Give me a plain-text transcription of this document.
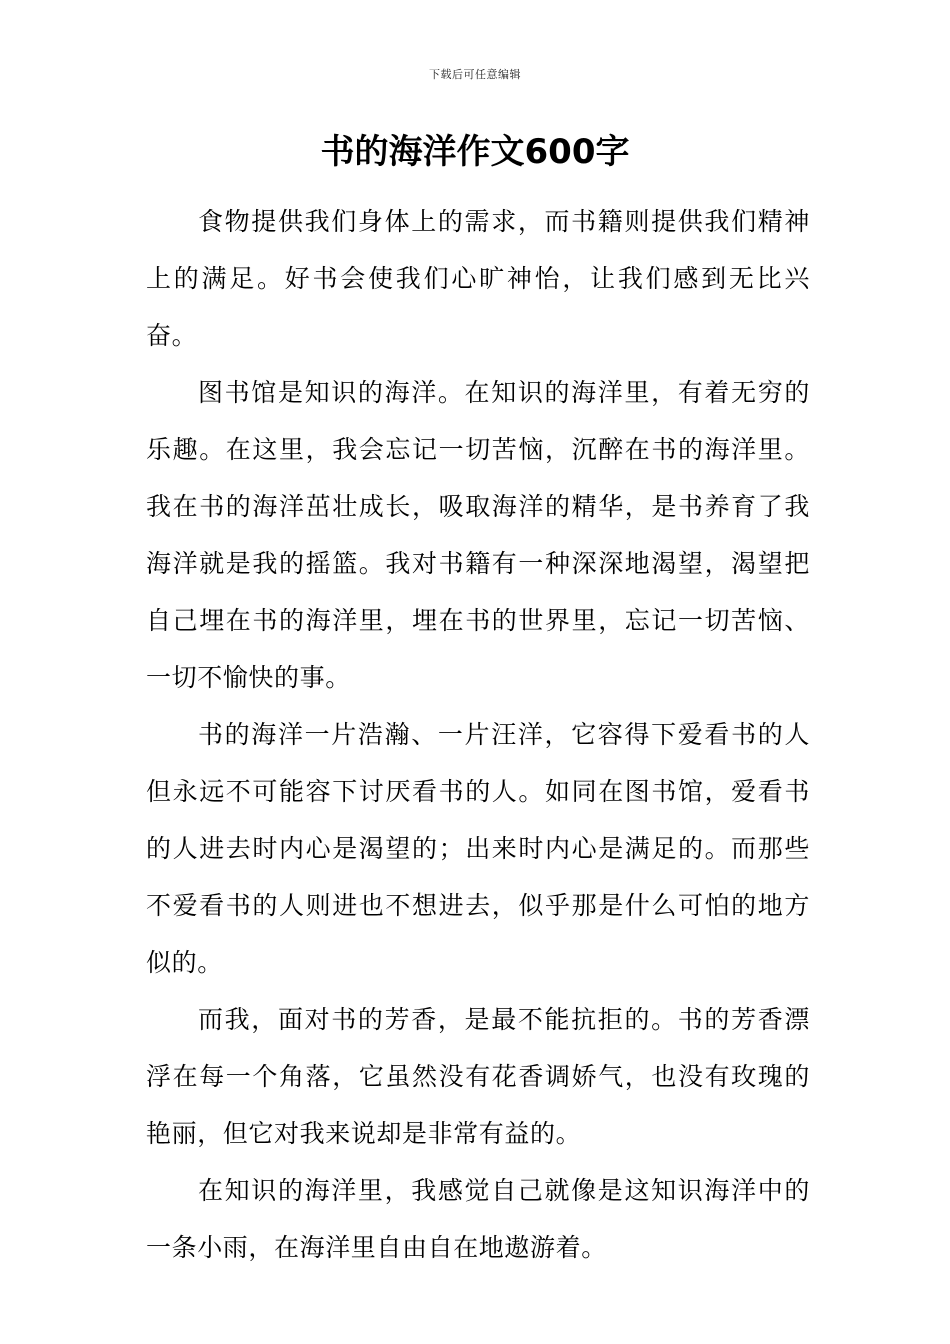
下载后可任意编辑
书的海洋作文600字

食物提供我们身体上的需求，而书籍则提供我们精神上的满足。好书会使我们心旷神怡，让我们感到无比兴奋。

图书馆是知识的海洋。在知识的海洋里，有着无穷的乐趣。在这里，我会忘记一切苦恼，沉醉在书的海洋里。我在书的海洋茁壮成长，吸取海洋的精华，是书养育了我海洋就是我的摇篮。我对书籍有一种深深地渴望，渴望把自己埋在书的海洋里，埋在书的世界里，忘记一切苦恼、一切不愉快的事。

书的海洋一片浩瀚、一片汪洋，它容得下爱看书的人但永远不可能容下讨厌看书的人。如同在图书馆，爱看书的人进去时内心是渴望的；出来时内心是满足的。而那些不爱看书的人则进也不想进去，似乎那是什么可怕的地方似的。

而我，面对书的芳香，是最不能抗拒的。书的芳香漂浮在每一个角落，它虽然没有花香调娇气，也没有玫瑰的艳丽，但它对我来说却是非常有益的。

在知识的海洋里，我感觉自己就像是这知识海洋中的一条小雨，在海洋里自由自在地遨游着。
